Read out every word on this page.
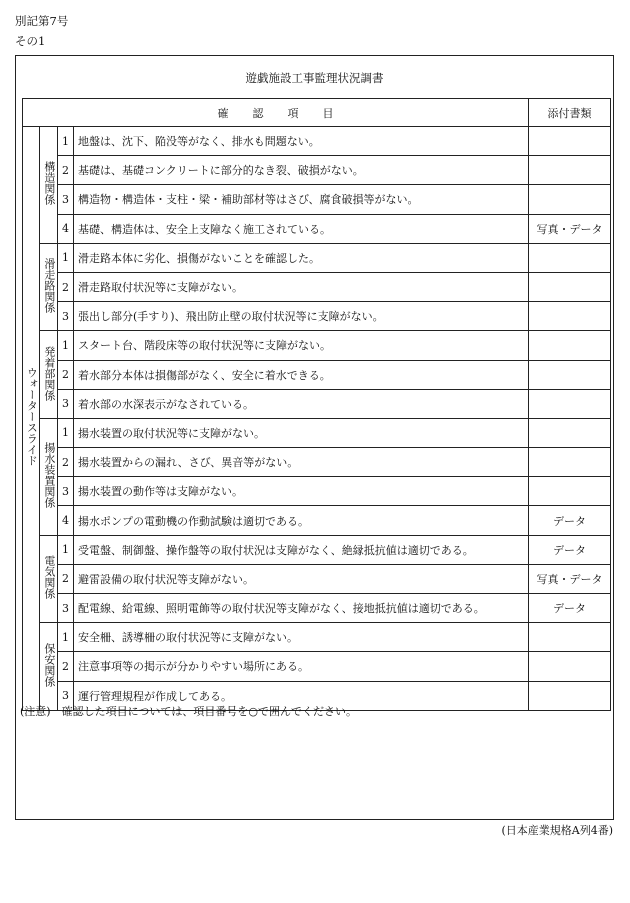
別記第7号
その1
遊戯施設工事監理状況調書
確認項目				添付書類
ウォータースライド	構造関係	1	地盤は、沈下、陥没等がなく、排水も問題ない。	
		2	基礎は、基礎コンクリートに部分的なき裂、破損がない。	
		3	構造物・構造体・支柱・梁・補助部材等はさび、腐食破損等がない。	
		4	基礎、構造体は、安全上支障なく施工されている。	写真・データ
	滑走路関係	1	滑走路本体に劣化、損傷がないことを確認した。	
		2	滑走路取付状況等に支障がない。	
		3	張出し部分(手すり)、飛出防止壁の取付状況等に支障がない。	
	発着部関係	1	スタート台、階段床等の取付状況等に支障がない。	
		2	着水部分本体は損傷部がなく、安全に着水できる。	
		3	着水部の水深表示がなされている。	
	揚水装置関係	1	揚水装置の取付状況等に支障がない。	
		2	揚水装置からの漏れ、さび、異音等がない。	
		3	揚水装置の動作等は支障がない。	
		4	揚水ポンプの電動機の作動試験は適切である。	データ
	電気関係	1	受電盤、制御盤、操作盤等の取付状況は支障がなく、絶縁抵抗値は適切である。	データ
		2	避雷設備の取付状況等支障がない。	写真・データ
		3	配電線、給電線、照明電飾等の取付状況等支障がなく、接地抵抗値は適切である。	データ
	保安関係	1	安全柵、誘導柵の取付状況等に支障がない。	
		2	注意事項等の掲示が分かりやすい場所にある。	
		3	運行管理規程が作成してある。	
(注意)　確認した項目については、項目番号を○で囲んでください。
(日本産業規格A列4番)
